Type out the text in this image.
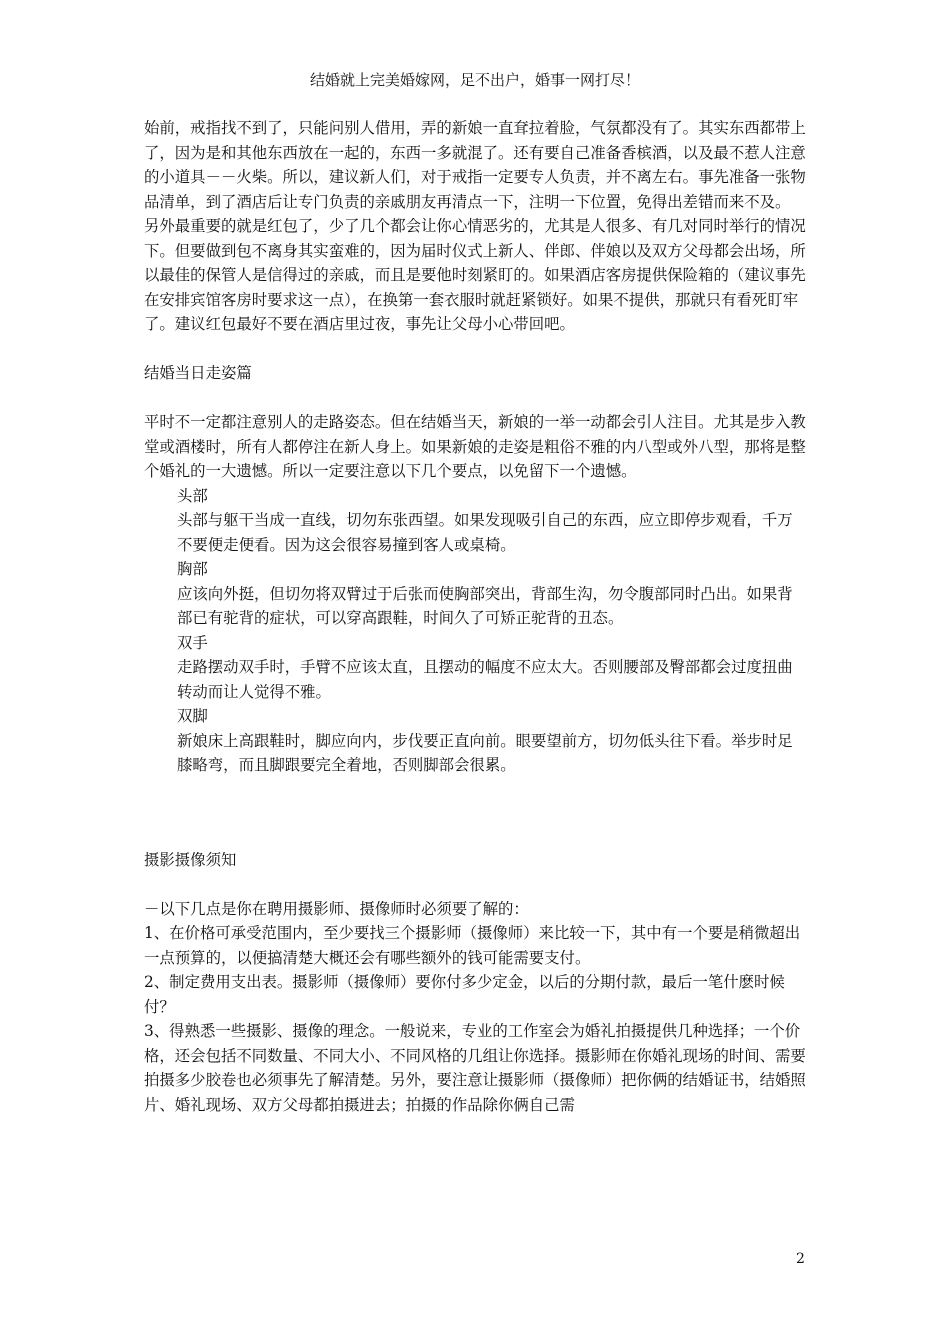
结婚就上完美婚嫁网，足不出户，婚事一网打尽！

始前，戒指找不到了，只能问别人借用，弄的新娘一直耷拉着脸，气氛都没有了。其实东西都带上了，因为是和其他东西放在一起的，东西一多就混了。还有要自己准备香槟酒，以及最不惹人注意的小道具－－火柴。所以，建议新人们，对于戒指一定要专人负责，并不离左右。事先准备一张物品清单，到了酒店后让专门负责的亲戚朋友再清点一下，注明一下位置，免得出差错而来不及。

另外最重要的就是红包了，少了几个都会让你心情恶劣的，尤其是人很多、有几对同时举行的情况下。但要做到包不离身其实蛮难的，因为届时仪式上新人、伴郎、伴娘以及双方父母都会出场，所以最佳的保管人是信得过的亲戚，而且是要他时刻紧盯的。如果酒店客房提供保险箱的（建议事先在安排宾馆客房时要求这一点），在换第一套衣服时就赶紧锁好。如果不提供，那就只有看死盯牢了。建议红包最好不要在酒店里过夜，事先让父母小心带回吧。

结婚当日走姿篇

平时不一定都注意别人的走路姿态。但在结婚当天，新娘的一举一动都会引人注目。尤其是步入教堂或酒楼时，所有人都停注在新人身上。如果新娘的走姿是粗俗不雅的内八型或外八型，那将是整个婚礼的一大遗憾。所以一定要注意以下几个要点，以免留下一个遗憾。

头部

头部与躯干当成一直线，切勿东张西望。如果发现吸引自己的东西，应立即停步观看，千万不要便走便看。因为这会很容易撞到客人或桌椅。

胸部

应该向外挺，但切勿将双臂过于后张而使胸部突出，背部生沟，勿令腹部同时凸出。如果背部已有驼背的症状，可以穿高跟鞋，时间久了可矫正驼背的丑态。

双手

走路摆动双手时，手臂不应该太直，且摆动的幅度不应太大。否则腰部及臀部都会过度扭曲转动而让人觉得不雅。

双脚

新娘床上高跟鞋时，脚应向内，步伐要正直向前。眼要望前方，切勿低头往下看。举步时足膝略弯，而且脚跟要完全着地，否则脚部会很累。

摄影摄像须知

－以下几点是你在聘用摄影师、摄像师时必须要了解的：

1、在价格可承受范围内，至少要找三个摄影师（摄像师）来比较一下，其中有一个要是稍微超出一点预算的，以便搞清楚大概还会有哪些额外的钱可能需要支付。

2、制定费用支出表。摄影师（摄像师）要你付多少定金，以后的分期付款，最后一笔什麽时候付？

3、得熟悉一些摄影、摄像的理念。一般说来，专业的工作室会为婚礼拍摄提供几种选择；一个价格，还会包括不同数量、不同大小、不同风格的几组让你选择。摄影师在你婚礼现场的时间、需要拍摄多少胶卷也必须事先了解清楚。另外，要注意让摄影师（摄像师）把你俩的结婚证书，结婚照片、婚礼现场、双方父母都拍摄进去；拍摄的作品除你俩自己需

2
